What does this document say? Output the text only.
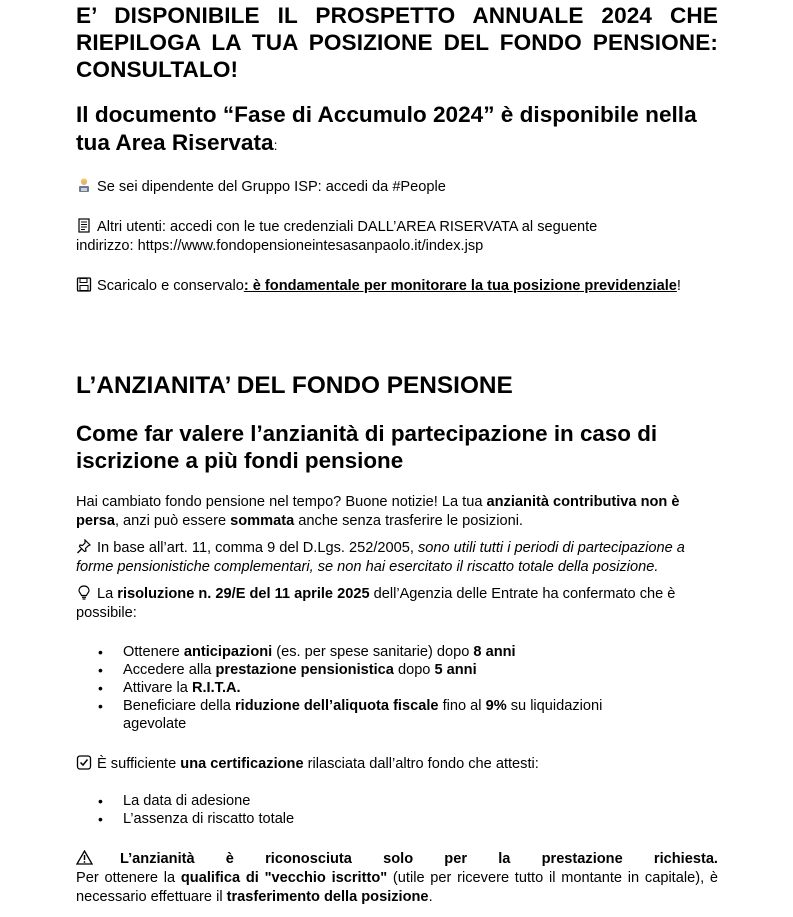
E’ DISPONIBILE IL PROSPETTO ANNUALE 2024 CHE RIEPILOGA LA TUA POSIZIONE DEL FONDO PENSIONE: CONSULTALO!
Il documento “Fase di Accumulo 2024” è disponibile nella tua Area Riservata:
Se sei dipendente del Gruppo ISP: accedi da #People
Altri utenti: accedi con le tue credenziali DALL’AREA RISERVATA al seguente
indirizzo: https://www.fondopensioneintesasanpaolo.it/index.jsp
Scaricalo e conservalo: è fondamentale per monitorare la tua posizione previdenziale!
L’ANZIANITA’ DEL FONDO PENSIONE
Come far valere l’anzianità di partecipazione in caso di iscrizione a più fondi pensione
Hai cambiato fondo pensione nel tempo? Buone notizie! La tua anzianità contributiva non è persa, anzi può essere sommata anche senza trasferire le posizioni.
In base all’art. 11, comma 9 del D.Lgs. 252/2005, sono utili tutti i periodi di partecipazione a forme pensionistiche complementari, se non hai esercitato il riscatto totale della posizione.
La risoluzione n. 29/E del 11 aprile 2025 dell’Agenzia delle Entrate ha confermato che è possibile:
• Ottenere anticipazioni (es. per spese sanitarie) dopo 8 anni
• Accedere alla prestazione pensionistica dopo 5 anni
• Attivare la R.I.T.A.
• Beneficiare della riduzione dell’aliquota fiscale fino al 9% su liquidazioni agevolate
È sufficiente una certificazione rilasciata dall’altro fondo che attesti:
• La data di adesione
• L’assenza di riscatto totale
L’anzianità è riconosciuta solo per la prestazione richiesta.
Per ottenere la qualifica di "vecchio iscritto" (utile per ricevere tutto il montante in capitale), è necessario effettuare il trasferimento della posizione.
